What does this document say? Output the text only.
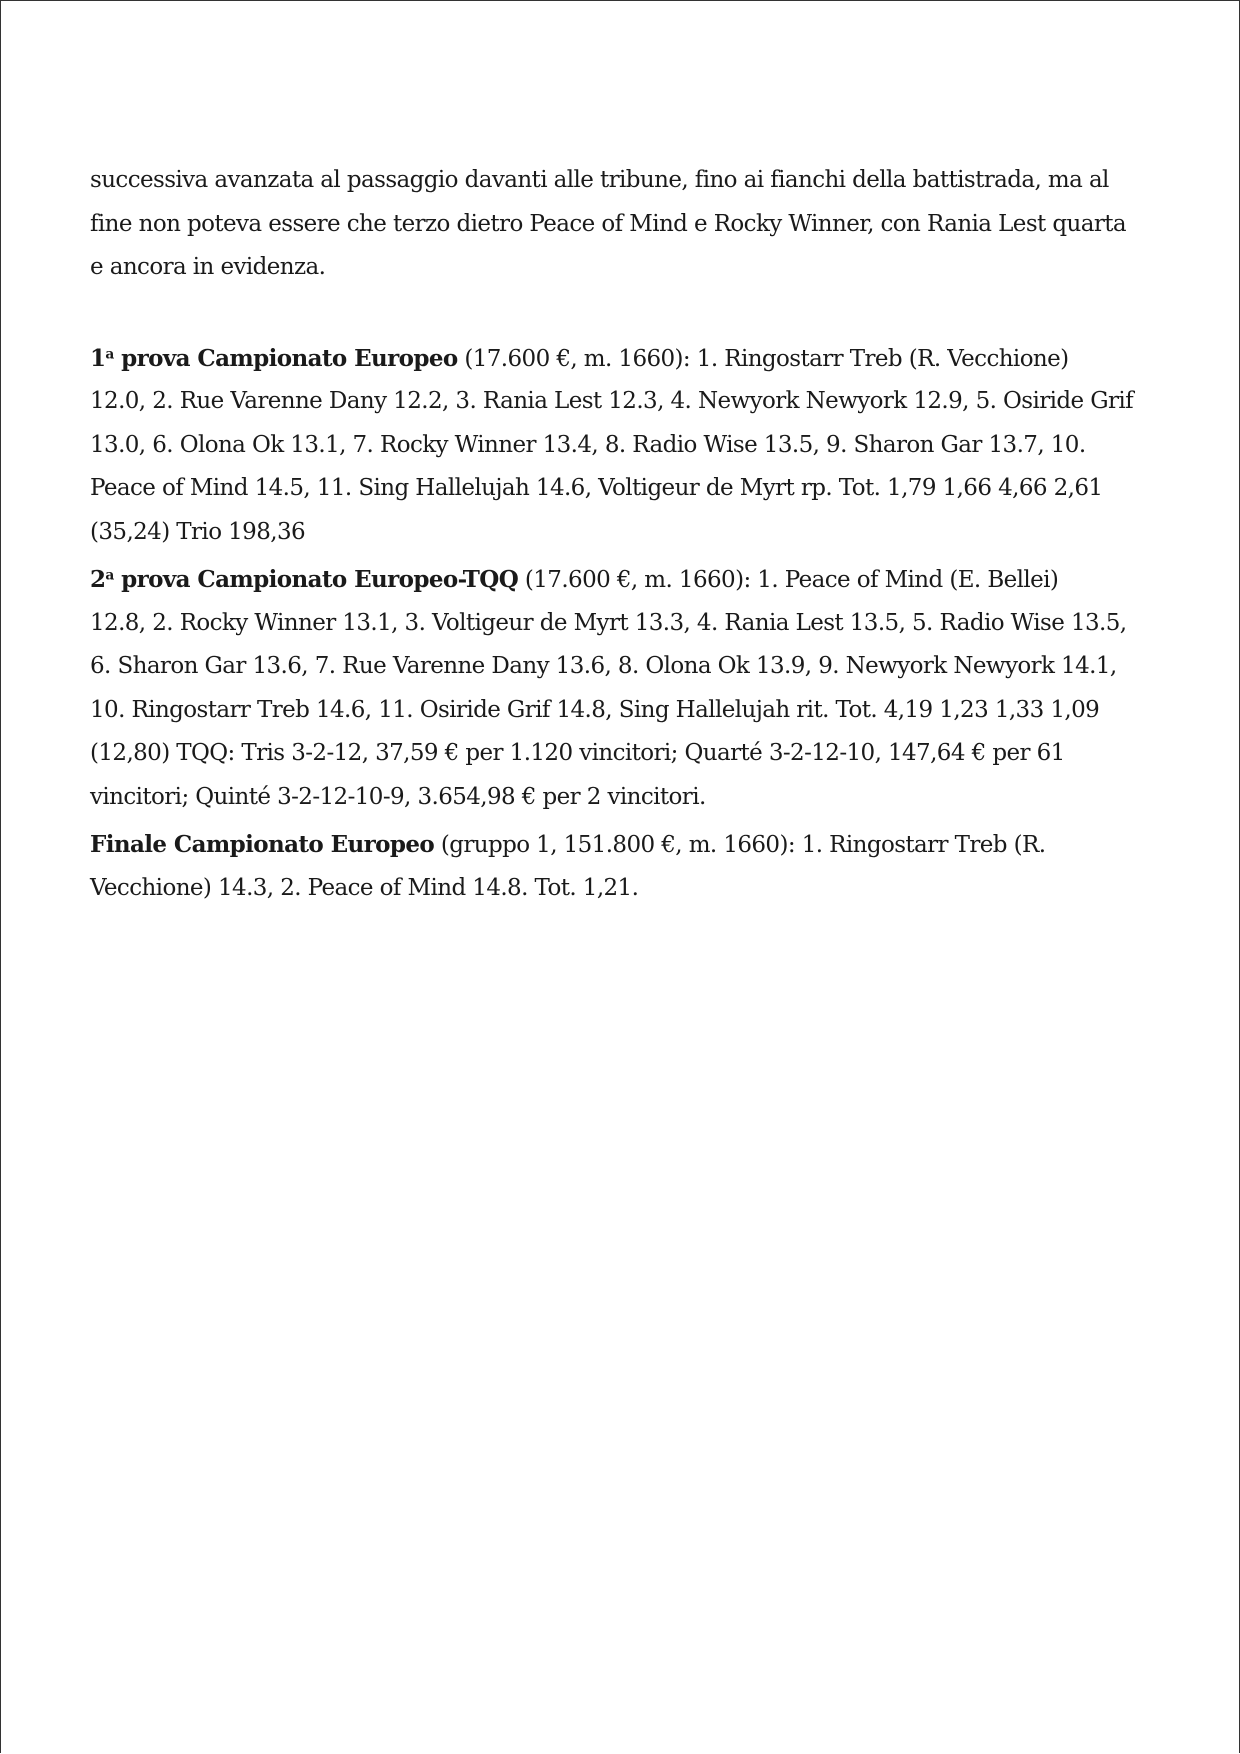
successiva avanzata al passaggio davanti alle tribune, fino ai fianchi della battistrada, ma al
fine non poteva essere che terzo dietro Peace of Mind e Rocky Winner, con Rania Lest quarta
e ancora in evidenza.
1$^a$ prova Campionato Europeo (17.600 €, m. 1660): 1. Ringostarr Treb (R. Vecchione)
12.0, 2. Rue Varenne Dany 12.2, 3. Rania Lest 12.3, 4. Newyork Newyork 12.9, 5. Osiride Grif
13.0, 6. Olona Ok 13.1, 7. Rocky Winner 13.4, 8. Radio Wise 13.5, 9. Sharon Gar 13.7, 10.
Peace of Mind 14.5, 11. Sing Hallelujah 14.6, Voltigeur de Myrt rp. Tot. 1,79 1,66 4,66 2,61
(35,24) Trio 198,36
2$^a$ prova Campionato Europeo-TQQ (17.600 €, m. 1660): 1. Peace of Mind (E. Bellei)
12.8, 2. Rocky Winner 13.1, 3. Voltigeur de Myrt 13.3, 4. Rania Lest 13.5, 5. Radio Wise 13.5,
6. Sharon Gar 13.6, 7. Rue Varenne Dany 13.6, 8. Olona Ok 13.9, 9. Newyork Newyork 14.1,
10. Ringostarr Treb 14.6, 11. Osiride Grif 14.8, Sing Hallelujah rit. Tot. 4,19 1,23 1,33 1,09
(12,80) TQQ: Tris 3-2-12, 37,59 € per 1.120 vincitori; Quarté 3-2-12-10, 147,64 € per 61
vincitori; Quinté 3-2-12-10-9, 3.654,98 € per 2 vincitori.
Finale Campionato Europeo (gruppo 1, 151.800 €, m. 1660): 1. Ringostarr Treb (R.
Vecchione) 14.3, 2. Peace of Mind 14.8. Tot. 1,21.
